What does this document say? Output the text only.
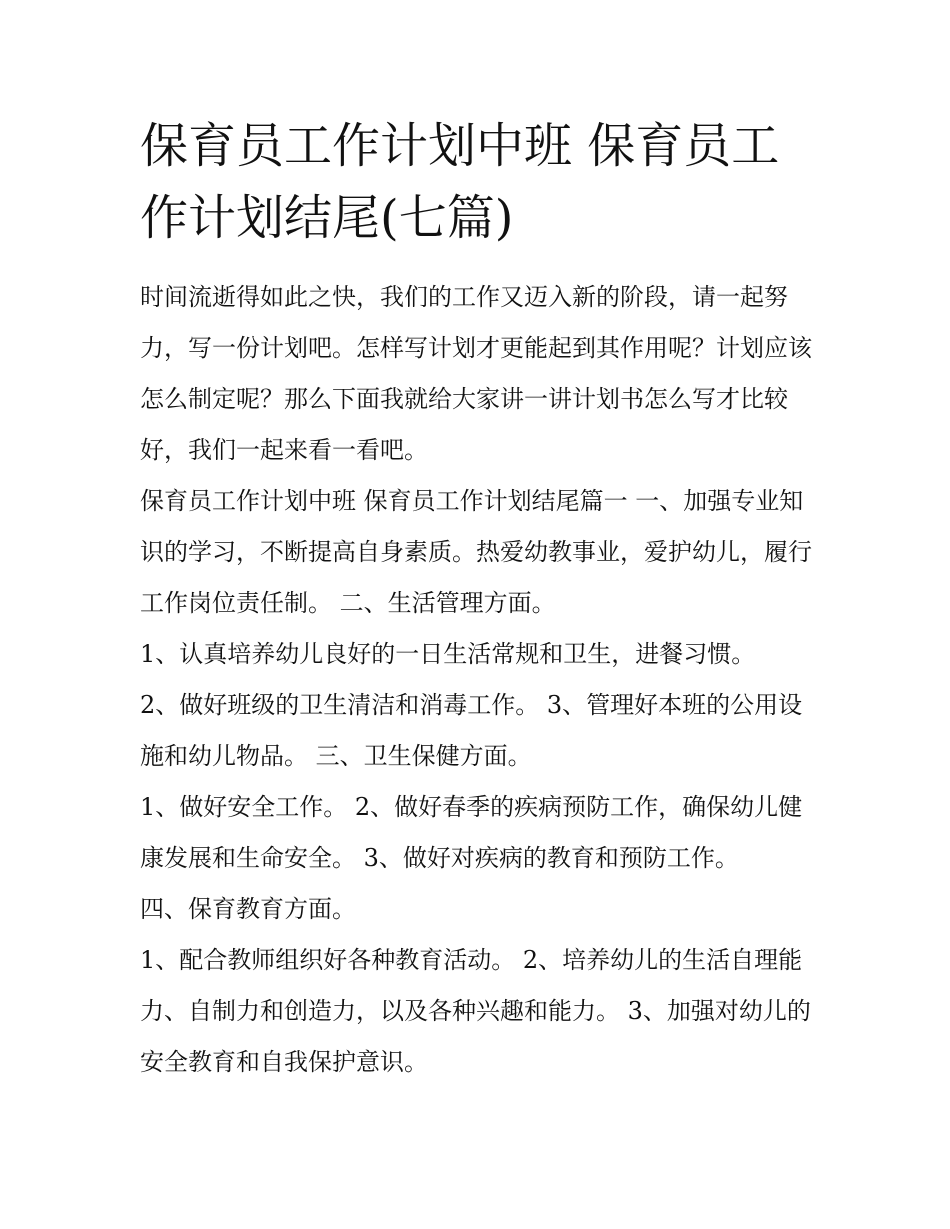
保育员工作计划中班 保育员工作计划结尾(七篇)

时间流逝得如此之快，我们的工作又迈入新的阶段，请一起努力，写一份计划吧。怎样写计划才更能起到其作用呢？计划应该怎么制定呢？那么下面我就给大家讲一讲计划书怎么写才比较好，我们一起来看一看吧。

保育员工作计划中班 保育员工作计划结尾篇一 一、加强专业知识的学习，不断提高自身素质。热爱幼教事业，爱护幼儿，履行工作岗位责任制。 二、生活管理方面。

1、认真培养幼儿良好的一日生活常规和卫生，进餐习惯。

2、做好班级的卫生清洁和消毒工作。 3、管理好本班的公用设施和幼儿物品。 三、卫生保健方面。

1、做好安全工作。 2、做好春季的疾病预防工作，确保幼儿健康发展和生命安全。 3、做好对疾病的教育和预防工作。

四、保育教育方面。

1、配合教师组织好各种教育活动。 2、培养幼儿的生活自理能力、自制力和创造力，以及各种兴趣和能力。 3、加强对幼儿的安全教育和自我保护意识。
